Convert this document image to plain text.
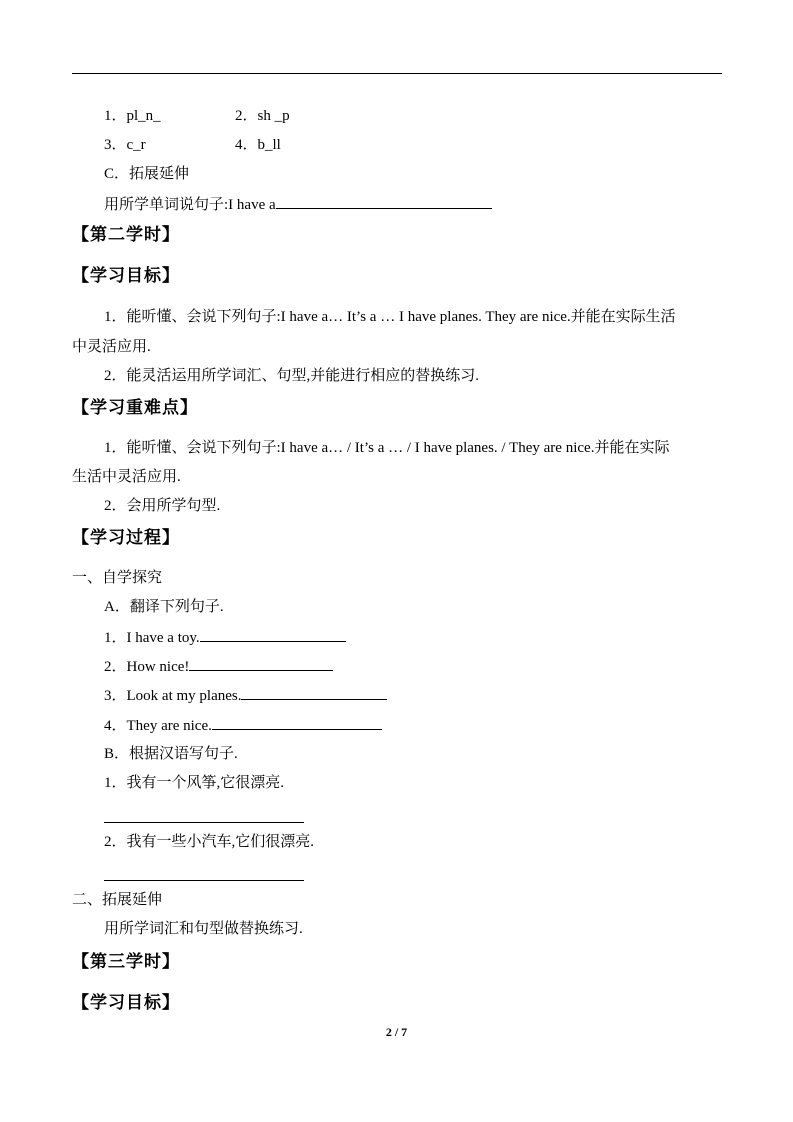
1．pl_n_	2．sh _p
3．c_r	4．b_ll
C．拓展延伸
用所学单词说句子:I have a
【第二学时】
【学习目标】
1．能听懂、会说下列句子:I have a… It’s a … I have planes. They are nice.并能在实际生活
中灵活应用.
2．能灵活运用所学词汇、句型,并能进行相应的替换练习.
【学习重难点】
1．能听懂、会说下列句子:I have a… / It’s a … / I have planes. / They are nice.并能在实际
生活中灵活应用.
2．会用所学句型.
【学习过程】
一、自学探究
A．翻译下列句子.
1．I have a toy.
2．How nice!
3．Look at my planes.
4．They are nice.
B．根据汉语写句子.
1．我有一个风筝,它很漂亮.
2．我有一些小汽车,它们很漂亮.
二、拓展延伸
用所学词汇和句型做替换练习.
【第三学时】
【学习目标】
2 / 7
